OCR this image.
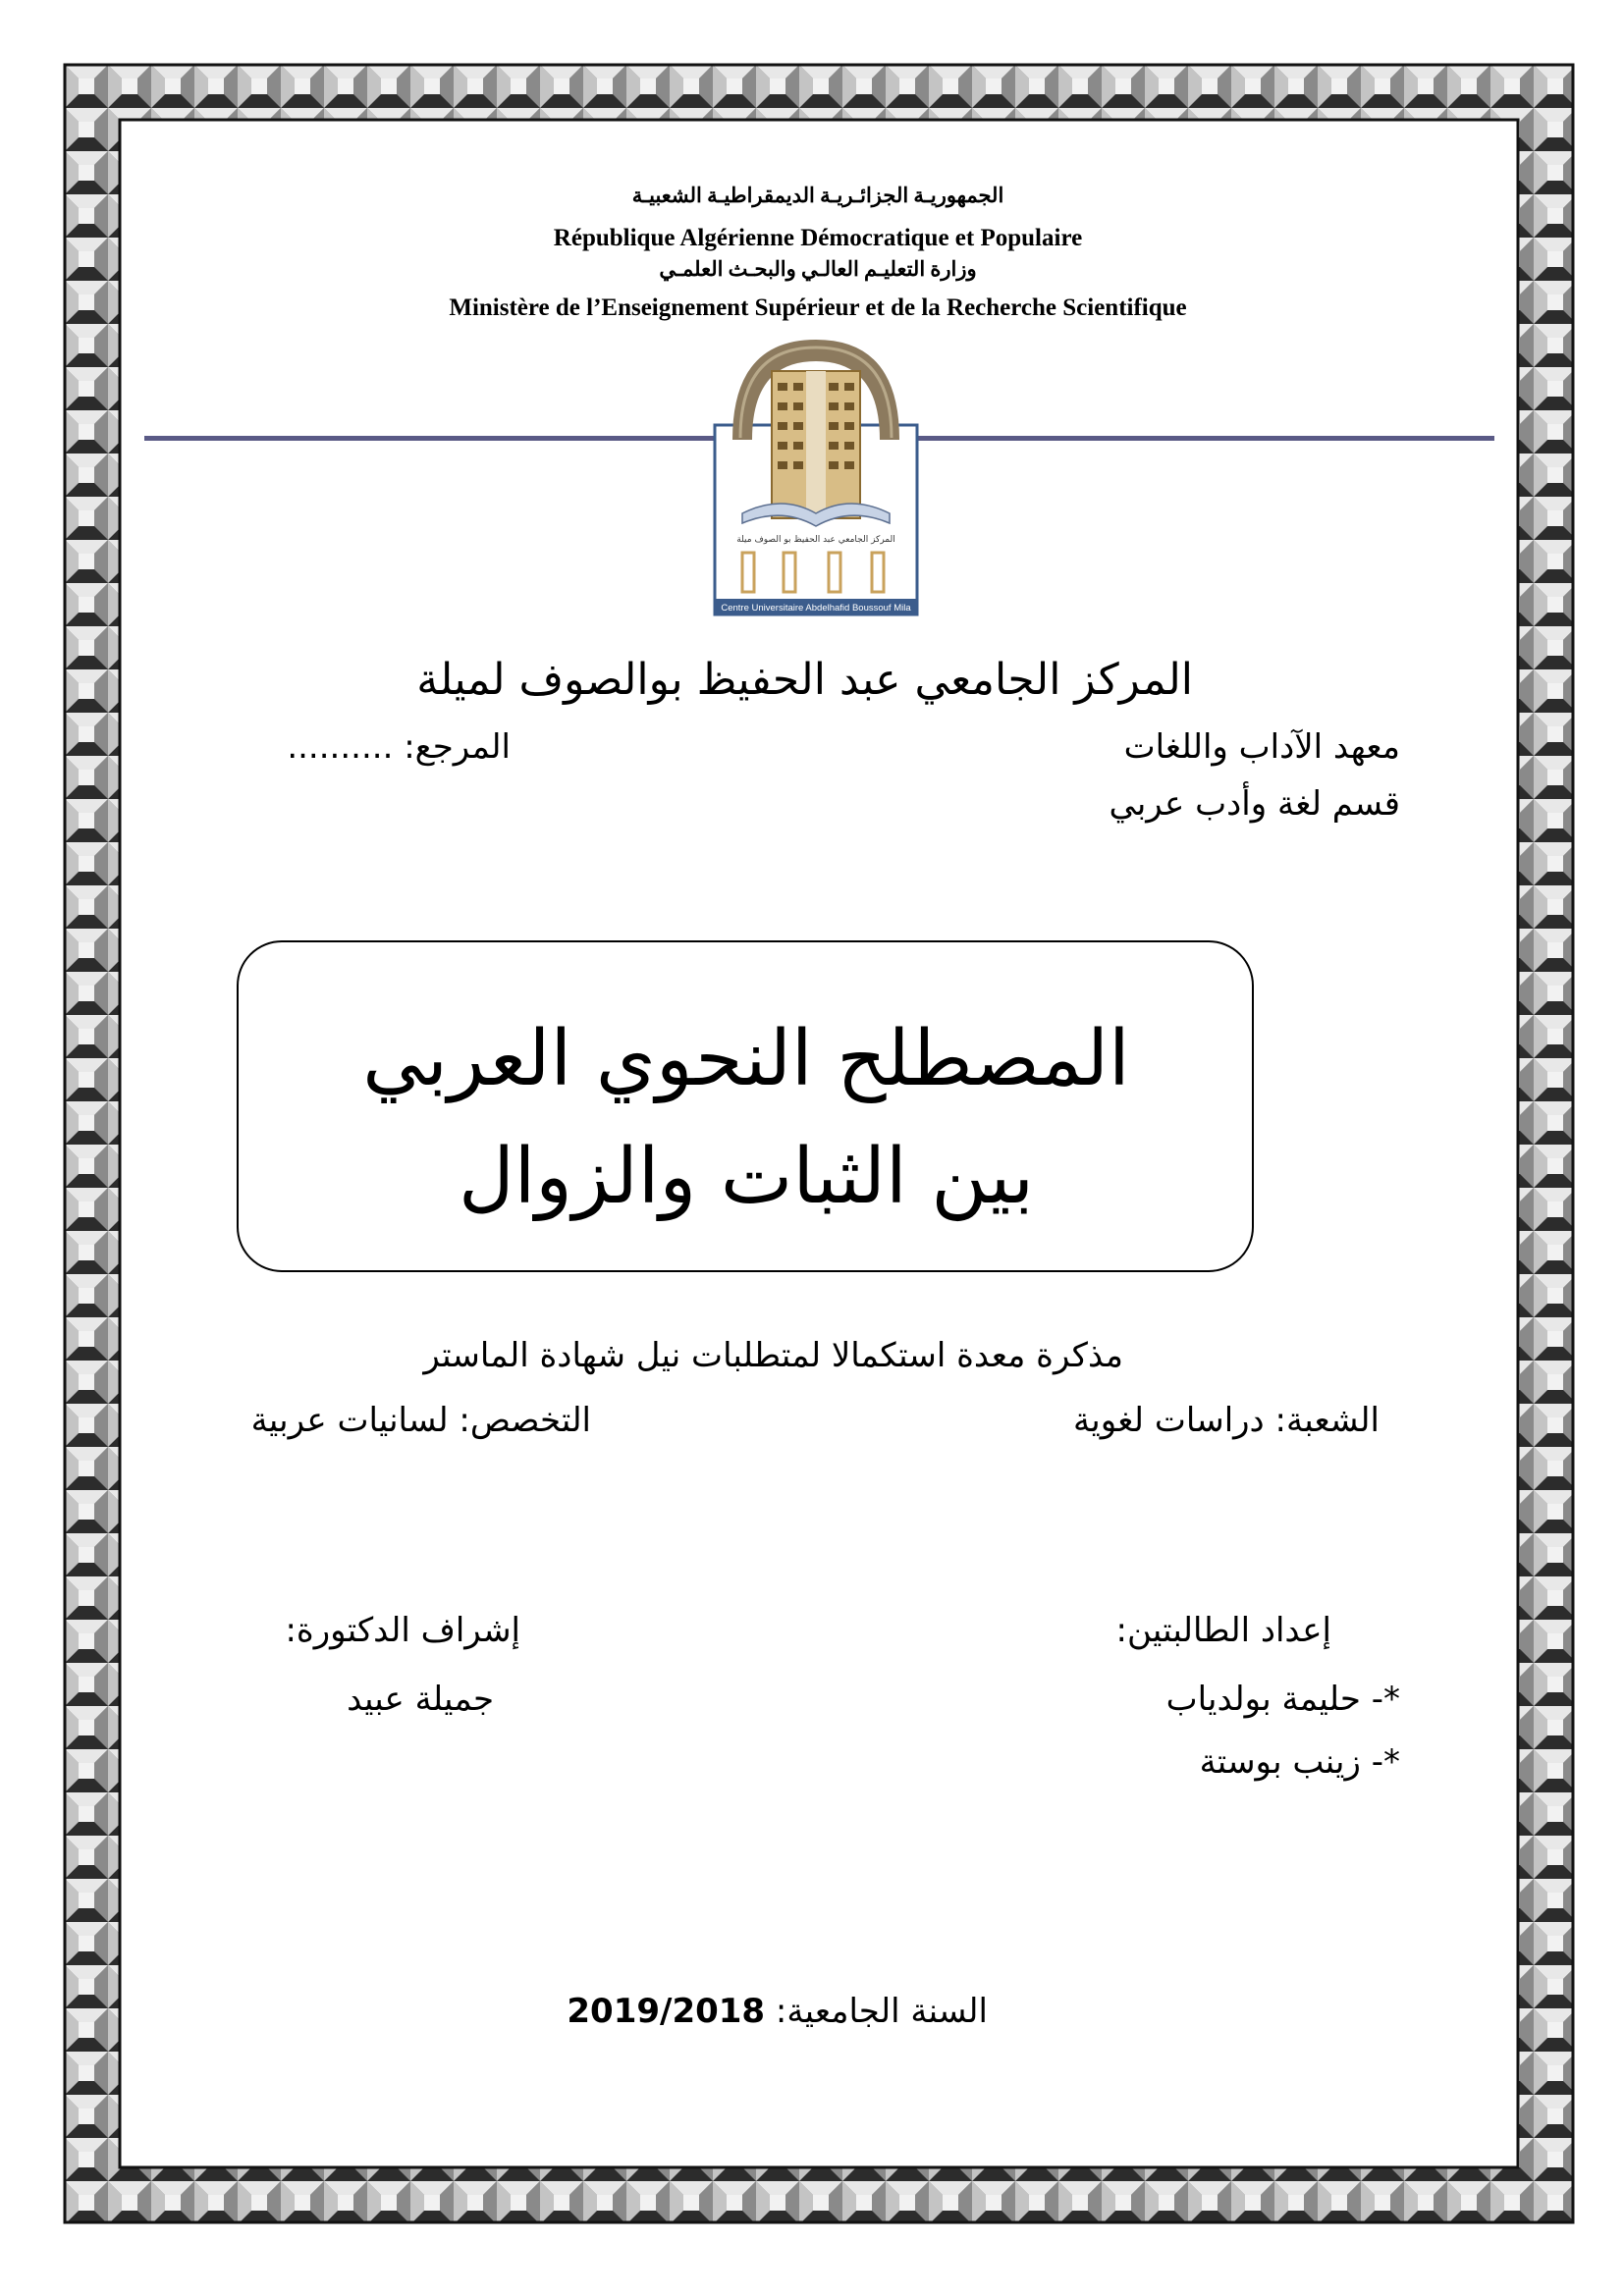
الجمهوريـة الجزائـريـة الديمقراطيـة الشعبيـة
République Algérienne Démocratique et Populaire
وزارة التعليـم العالـي والبحـث العلمـي
Ministère de l’Enseignement Supérieur et de la Recherche Scientifique
المركز الجامعي عبد الحفيظ بو الصوف ميلة
Centre Universitaire Abdelhafid Boussouf Mila
المركز الجامعي عبد الحفيظ بوالصوف لميلة
معهد الآداب واللغات
المرجع: ..........
قسم لغة وأدب عربي
المصطلح النحوي العربي
بين الثبات والزوال
مذكرة معدة استكمالا لمتطلبات نيل شهادة الماستر
الشعبة: دراسات لغوية
التخصص: لسانيات عربية
إعداد الطالبتين:
إشراف الدكتورة:
*- حليمة بولدياب
جميلة عبيد
*- زينب بوستة
السنة الجامعية: 2019/2018
